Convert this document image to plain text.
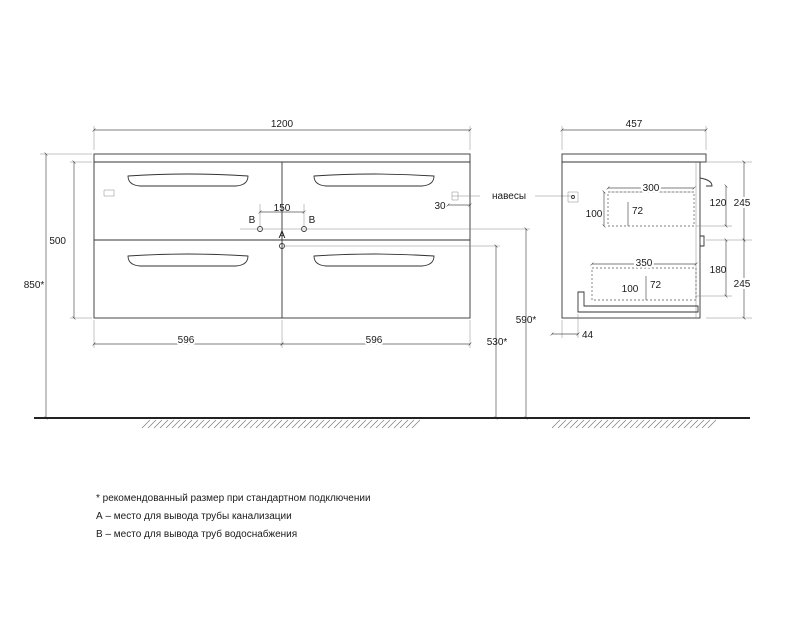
1200
500
850*
596	596
150
B	B
A
530*
590*
30
навесы
300
100	72
350
100 72
457
120 245
180
245
44
* рекомендованный размер при стандартном подключении
А – место для вывода трубы канализации
В – место для вывода труб водоснабжения
